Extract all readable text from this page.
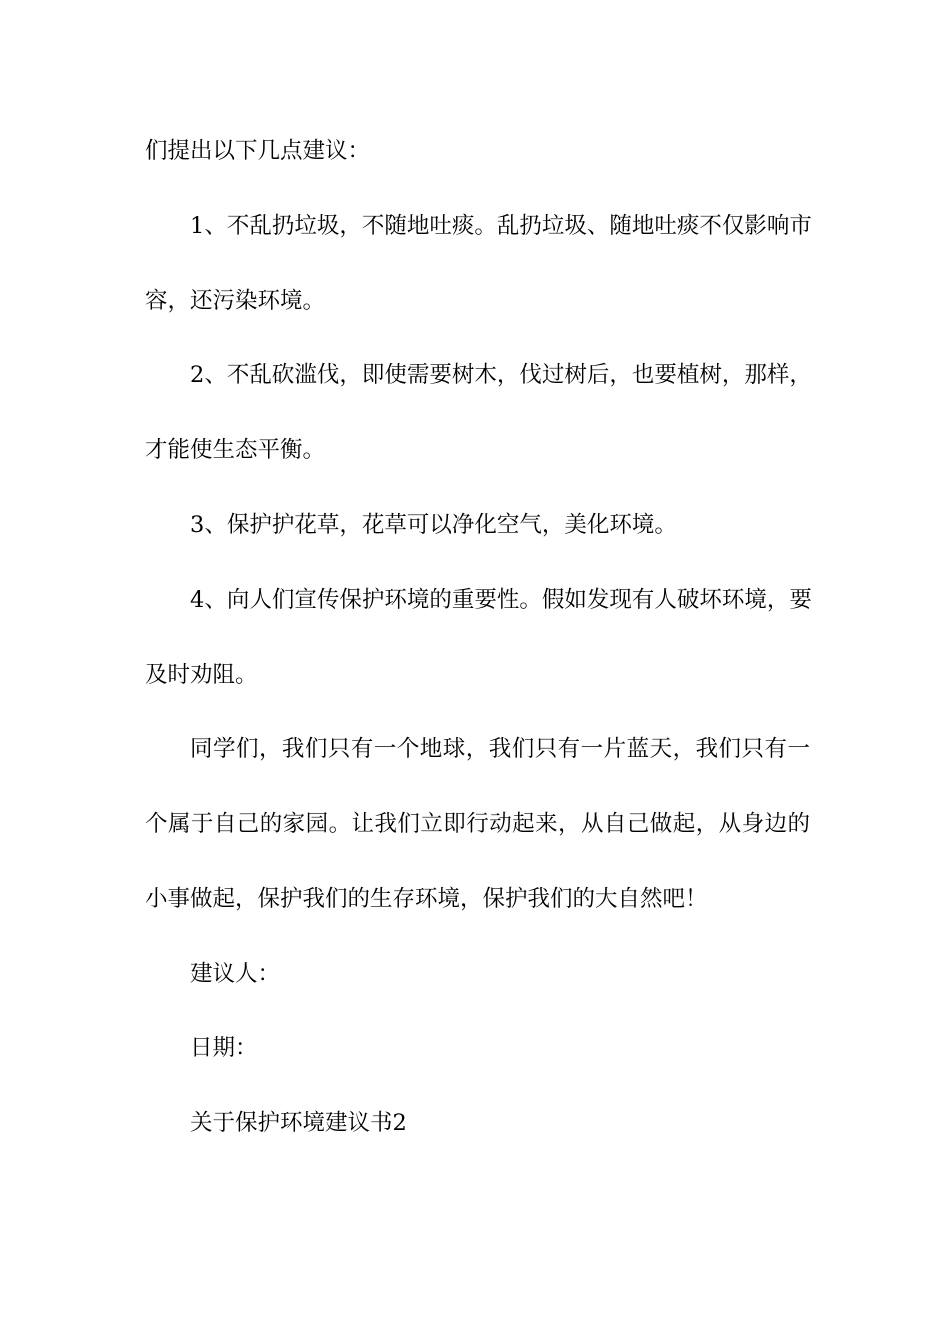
们提出以下几点建议：
1、不乱扔垃圾，不随地吐痰。乱扔垃圾、随地吐痰不仅影响市
容，还污染环境。
2、不乱砍滥伐，即使需要树木，伐过树后，也要植树，那样，
才能使生态平衡。
3、保护护花草，花草可以净化空气，美化环境。
4、向人们宣传保护环境的重要性。假如发现有人破坏环境，要
及时劝阻。
同学们，我们只有一个地球，我们只有一片蓝天，我们只有一
个属于自己的家园。让我们立即行动起来，从自己做起，从身边的
小事做起，保护我们的生存环境，保护我们的大自然吧！
建议人：
日期：
关于保护环境建议书2
